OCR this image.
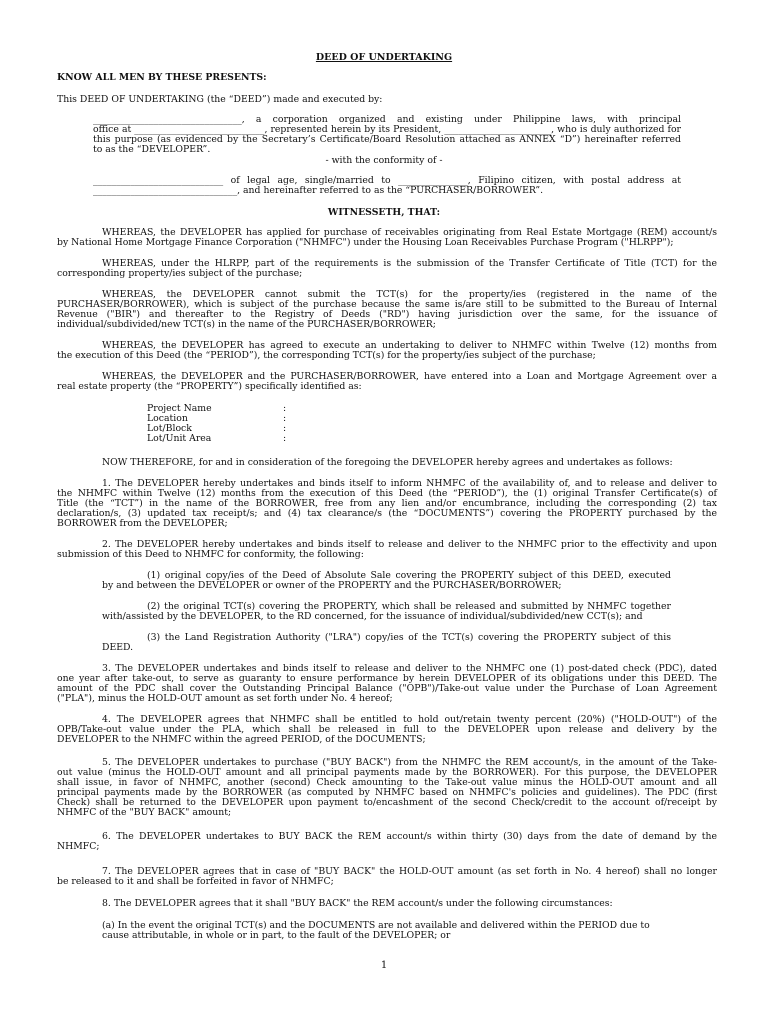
DEED OF UNDERTAKING
KNOW ALL MEN BY THESE PRESENTS:
This DEED OF UNDERTAKING (the “DEED”) made and executed by:
________________________________, a corporation organized and existing under Philippine laws, with principal
office at ____________________________, represented herein by its President, _______________________, who is duly authorized for
this purpose (as evidenced by the Secretary’s Certificate/Board Resolution attached as ANNEX “D”) hereinafter referred
to as the “DEVELOPER”.
- with the conformity of -
____________________________ of legal age, single/married to _______________, Filipino citizen, with postal address at
_______________________________, and hereinafter referred to as the “PURCHASER/BORROWER”.
WITNESSETH, THAT:
WHEREAS, the DEVELOPER has applied for purchase of receivables originating from Real Estate Mortgage (REM) account/s
by National Home Mortgage Finance Corporation ("NHMFC") under the Housing Loan Receivables Purchase Program ("HLRPP");
WHEREAS, under the HLRPP, part of the requirements is the submission of the Transfer Certificate of Title (TCT) for the
corresponding property/ies subject of the purchase;
WHEREAS, the DEVELOPER cannot submit the TCT(s) for the property/ies (registered in the name of the
PURCHASER/BORROWER), which is subject of the purchase because the same is/are still to be submitted to the Bureau of Internal
Revenue ("BIR") and thereafter to the Registry of Deeds ("RD") having jurisdiction over the same, for the issuance of
individual/subdivided/new TCT(s) in the name of the PURCHASER/BORROWER;
WHEREAS, the DEVELOPER has agreed to execute an undertaking to deliver to NHMFC within Twelve (12) months from
the execution of this Deed (the “PERIOD”), the corresponding TCT(s) for the property/ies subject of the purchase;
WHEREAS, the DEVELOPER and the PURCHASER/BORROWER, have entered into a Loan and Mortgage Agreement over a
real estate property (the “PROPERTY”) specifically identified as:
Project Name	:
Location	:
Lot/Block	:
Lot/Unit Area	:
NOW THEREFORE, for and in consideration of the foregoing the DEVELOPER hereby agrees and undertakes as follows:
1. The DEVELOPER hereby undertakes and binds itself to inform NHMFC of the availability of, and to release and deliver to
the NHMFC within Twelve (12) months from the execution of this Deed (the “PERIOD”), the (1) original Transfer Certificate(s) of
Title (the “TCT”) in the name of the BORROWER, free from any lien and/or encumbrance, including the corresponding (2) tax
declaration/s, (3) updated tax receipt/s; and (4) tax clearance/s (the “DOCUMENTS”) covering the PROPERTY purchased by the
BORROWER from the DEVELOPER;
2. The DEVELOPER hereby undertakes and binds itself to release and deliver to the NHMFC prior to the effectivity and upon
submission of this Deed to NHMFC for conformity, the following:
(1) original copy/ies of the Deed of Absolute Sale covering the PROPERTY subject of this DEED, executed
by and between the DEVELOPER or owner of the PROPERTY and the PURCHASER/BORROWER;
(2) the original TCT(s) covering the PROPERTY, which shall be released and submitted by NHMFC together
with/assisted by the DEVELOPER, to the RD concerned, for the issuance of individual/subdivided/new CCT(s); and
(3) the Land Registration Authority ("LRA") copy/ies of the TCT(s) covering the PROPERTY subject of this
DEED.
3. The DEVELOPER undertakes and binds itself to release and deliver to the NHMFC one (1) post-dated check (PDC), dated
one year after take-out, to serve as guaranty to ensure performance by herein DEVELOPER of its obligations under this DEED. The
amount of the PDC shall cover the Outstanding Principal Balance ("OPB")/Take-out value under the Purchase of Loan Agreement
("PLA"), minus the HOLD-OUT amount as set forth under No. 4 hereof;
4. The DEVELOPER agrees that NHMFC shall be entitled to hold out/retain twenty percent (20%) ("HOLD-OUT") of the
OPB/Take-out value under the PLA, which shall be released in full to the DEVELOPER upon release and delivery by the
DEVELOPER to the NHMFC within the agreed PERIOD, of the DOCUMENTS;
5. The DEVELOPER undertakes to purchase ("BUY BACK") from the NHMFC the REM account/s, in the amount of the Take-
out value (minus the HOLD-OUT amount and all principal payments made by the BORROWER). For this purpose, the DEVELOPER
shall issue, in favor of NHMFC, another (second) Check amounting to the Take-out value minus the HOLD-OUT amount and all
principal payments made by the BORROWER (as computed by NHMFC based on NHMFC's policies and guidelines). The PDC (first
Check) shall be returned to the DEVELOPER upon payment to/encashment of the second Check/credit to the account of/receipt by
NHMFC of the "BUY BACK" amount;
6. The DEVELOPER undertakes to BUY BACK the REM account/s within thirty (30) days from the date of demand by the
NHMFC;
7. The DEVELOPER agrees that in case of "BUY BACK" the HOLD-OUT amount (as set forth in No. 4 hereof) shall no longer
be released to it and shall be forfeited in favor of NHMFC;
8. The DEVELOPER agrees that it shall "BUY BACK" the REM account/s under the following circumstances:
(a) In the event the original TCT(s) and the DOCUMENTS are not available and delivered within the PERIOD due to
cause attributable, in whole or in part, to the fault of the DEVELOPER; or
1
